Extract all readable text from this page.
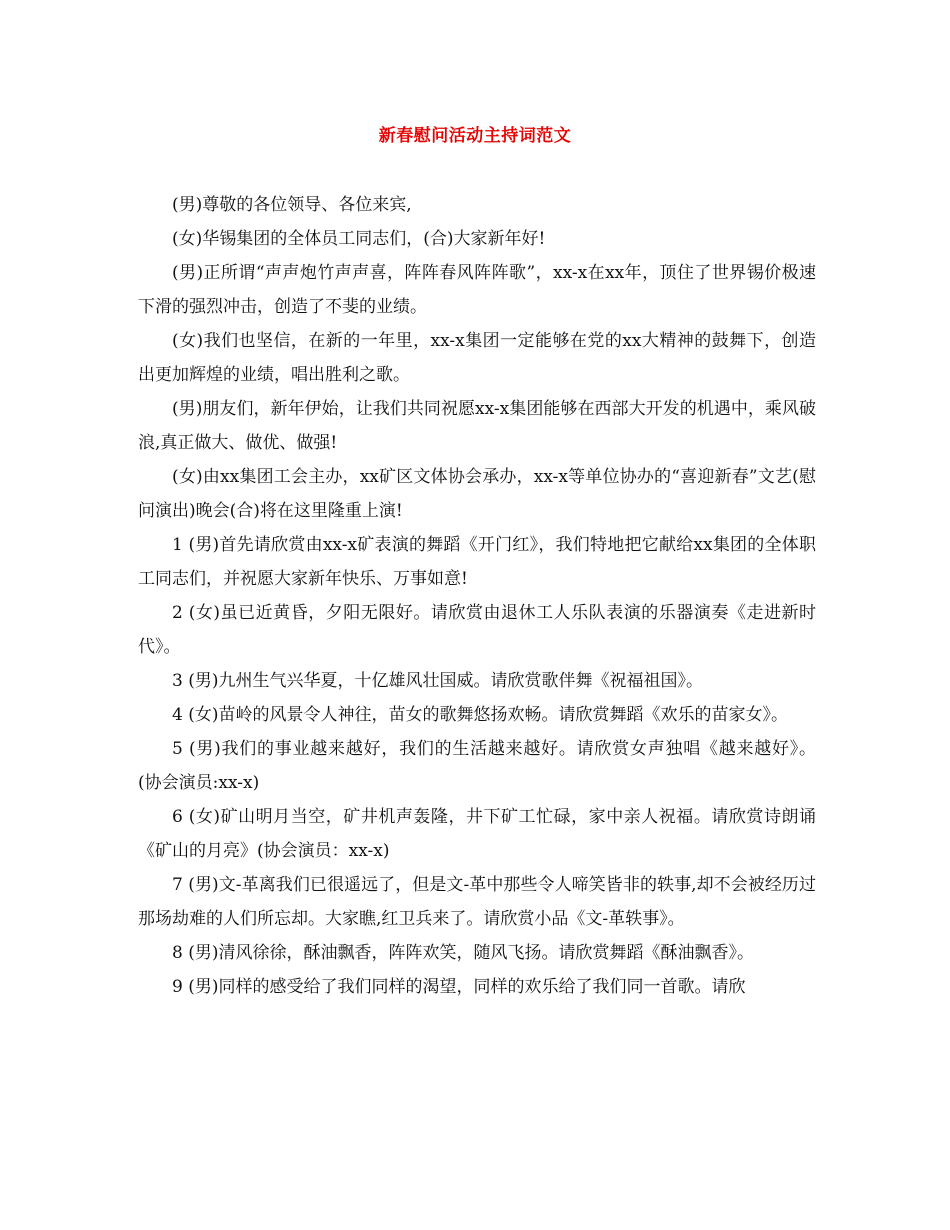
新春慰问活动主持词范文

(男)尊敬的各位领导、各位来宾,

(女)华锡集团的全体员工同志们，(合)大家新年好!

(男)正所谓“声声炮竹声声喜，阵阵春风阵阵歌”，xx-x在xx年，顶住了世界锡价极速下滑的强烈冲击，创造了不斐的业绩。

(女)我们也坚信，在新的一年里，xx-x集团一定能够在党的xx大精神的鼓舞下，创造出更加辉煌的业绩，唱出胜利之歌。

(男)朋友们，新年伊始，让我们共同祝愿xx-x集团能够在西部大开发的机遇中，乘风破浪,真正做大、做优、做强!

(女)由xx集团工会主办，xx矿区文体协会承办，xx-x等单位协办的“喜迎新春”文艺(慰问演出)晚会(合)将在这里隆重上演!

1 (男)首先请欣赏由xx-x矿表演的舞蹈《开门红》，我们特地把它献给xx集团的全体职工同志们，并祝愿大家新年快乐、万事如意!

2 (女)虽已近黄昏，夕阳无限好。请欣赏由退休工人乐队表演的乐器演奏《走进新时代》。

3 (男)九州生气兴华夏，十亿雄风壮国威。请欣赏歌伴舞《祝福祖国》。

4 (女)苗岭的风景令人神往，苗女的歌舞悠扬欢畅。请欣赏舞蹈《欢乐的苗家女》。

5 (男)我们的事业越来越好，我们的生活越来越好。请欣赏女声独唱《越来越好》。 (协会演员:xx-x)

6 (女)矿山明月当空，矿井机声轰隆，井下矿工忙碌，家中亲人祝福。请欣赏诗朗诵《矿山的月亮》(协会演员：xx-x)

7 (男)文-革离我们已很遥远了，但是文-革中那些令人啼笑皆非的轶事,却不会被经历过那场劫难的人们所忘却。大家瞧,红卫兵来了。请欣赏小品《文-革轶事》。

8 (男)清风徐徐，酥油飘香，阵阵欢笑，随风飞扬。请欣赏舞蹈《酥油飘香》。

9 (男)同样的感受给了我们同样的渴望，同样的欢乐给了我们同一首歌。请欣
